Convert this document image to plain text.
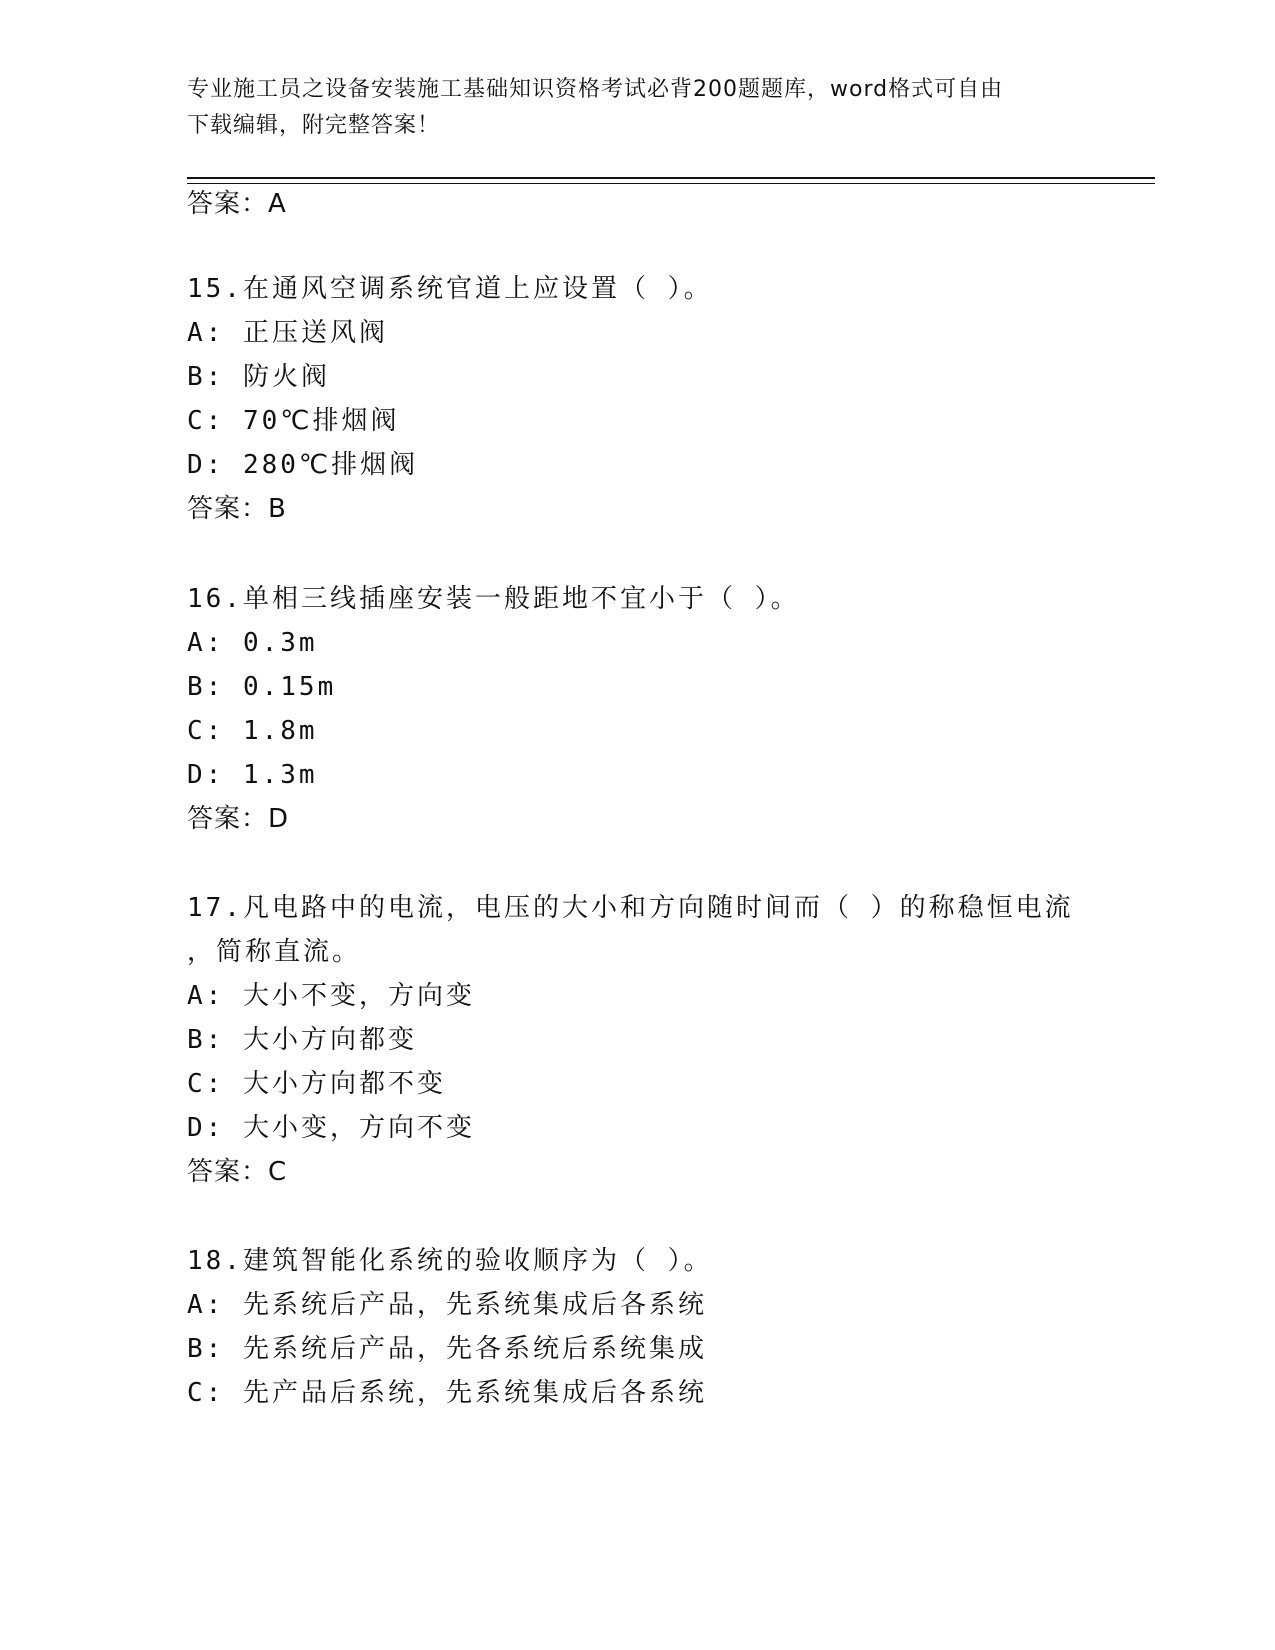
专业施工员之设备安装施工基础知识资格考试必背200题题库，word格式可自由
下载编辑，附完整答案！
答案：A
15.在通风空调系统官道上应设置（ ）。
A: 正压送风阀
B: 防火阀
C: 70℃排烟阀
D: 280℃排烟阀
答案：B
16.单相三线插座安装一般距地不宜小于（ ）。
A: 0.3m
B: 0.15m
C: 1.8m
D: 1.3m
答案：D
17.凡电路中的电流，电压的大小和方向随时间而（ ）的称稳恒电流
，简称直流。
A: 大小不变，方向变
B: 大小方向都变
C: 大小方向都不变
D: 大小变，方向不变
答案：C
18.建筑智能化系统的验收顺序为（ ）。
A: 先系统后产品，先系统集成后各系统
B: 先系统后产品，先各系统后系统集成
C: 先产品后系统，先系统集成后各系统
